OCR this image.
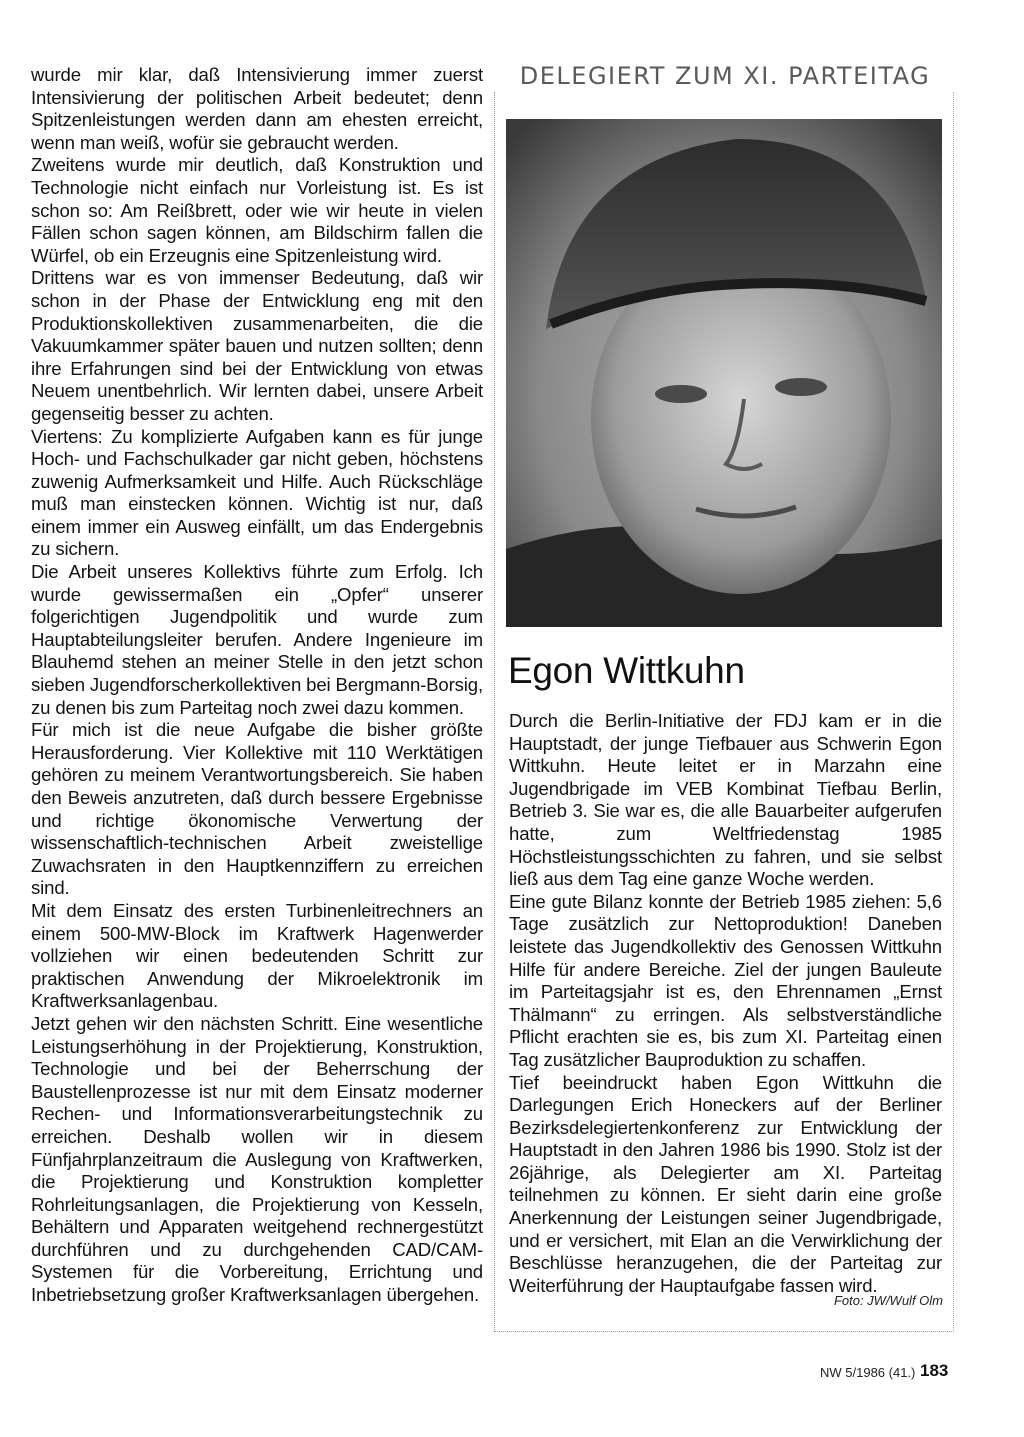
wurde mir klar, daß Intensivierung immer zuerst Intensivierung der politischen Arbeit bedeutet; denn Spitzenleistungen werden dann am ehesten erreicht, wenn man weiß, wofür sie gebraucht werden.

Zweitens wurde mir deutlich, daß Konstruktion und Technologie nicht einfach nur Vorleistung ist. Es ist schon so: Am Reißbrett, oder wie wir heute in vielen Fällen schon sagen können, am Bildschirm fallen die Würfel, ob ein Erzeugnis eine Spitzenleistung wird.

Drittens war es von immenser Bedeutung, daß wir schon in der Phase der Entwicklung eng mit den Produktionskollektiven zusammenarbeiten, die die Vakuumkammer später bauen und nutzen sollten; denn ihre Erfahrungen sind bei der Entwicklung von etwas Neuem unentbehrlich. Wir lernten dabei, unsere Arbeit gegenseitig besser zu achten.

Viertens: Zu komplizierte Aufgaben kann es für junge Hoch- und Fachschulkader gar nicht geben, höchstens zuwenig Aufmerksamkeit und Hilfe. Auch Rückschläge muß man einstecken können. Wichtig ist nur, daß einem immer ein Ausweg einfällt, um das Endergebnis zu sichern.

Die Arbeit unseres Kollektivs führte zum Erfolg. Ich wurde gewissermaßen ein „Opfer“ unserer folgerichtigen Jugendpolitik und wurde zum Hauptabteilungsleiter berufen. Andere Ingenieure im Blauhemd stehen an meiner Stelle in den jetzt schon sieben Jugendforscherkollektiven bei Bergmann-Borsig, zu denen bis zum Parteitag noch zwei dazu kommen.

Für mich ist die neue Aufgabe die bisher größte Herausforderung. Vier Kollektive mit 110 Werktätigen gehören zu meinem Verantwortungsbereich. Sie haben den Beweis anzutreten, daß durch bessere Ergebnisse und richtige ökonomische Verwertung der wissenschaftlich-technischen Arbeit zweistellige Zuwachsraten in den Hauptkennziffern zu erreichen sind.

Mit dem Einsatz des ersten Turbinenleitrechners an einem 500-MW-Block im Kraftwerk Hagenwerder vollziehen wir einen bedeutenden Schritt zur praktischen Anwendung der Mikroelektronik im Kraftwerksanlagenbau.

Jetzt gehen wir den nächsten Schritt. Eine wesentliche Leistungserhöhung in der Projektierung, Konstruktion, Technologie und bei der Beherrschung der Baustellenprozesse ist nur mit dem Einsatz moderner Rechen- und Informationsverarbeitungstechnik zu erreichen. Deshalb wollen wir in diesem Fünfjahrplanzeitraum die Auslegung von Kraftwerken, die Projektierung und Konstruktion kompletter Rohrleitungsanlagen, die Projektierung von Kesseln, Behältern und Apparaten weitgehend rechnergestützt durchführen und zu durchgehenden CAD/CAM-Systemen für die Vorbereitung, Errichtung und Inbetriebsetzung großer Kraftwerksanlagen übergehen.

DELEGIERT ZUM XI. PARTEITAG
Egon Wittkuhn

Durch die Berlin-Initiative der FDJ kam er in die Hauptstadt, der junge Tiefbauer aus Schwerin Egon Wittkuhn. Heute leitet er in Marzahn eine Jugendbrigade im VEB Kombinat Tiefbau Berlin, Betrieb 3. Sie war es, die alle Bauarbeiter aufgerufen hatte, zum Weltfriedenstag 1985 Höchstleistungsschichten zu fahren, und sie selbst ließ aus dem Tag eine ganze Woche werden.

Eine gute Bilanz konnte der Betrieb 1985 ziehen: 5,6 Tage zusätzlich zur Nettoproduktion! Daneben leistete das Jugendkollektiv des Genossen Wittkuhn Hilfe für andere Bereiche. Ziel der jungen Bauleute im Parteitagsjahr ist es, den Ehrennamen „Ernst Thälmann“ zu erringen. Als selbstverständliche Pflicht erachten sie es, bis zum XI. Parteitag einen Tag zusätzlicher Bauproduktion zu schaffen.

Tief beeindruckt haben Egon Wittkuhn die Darlegungen Erich Honeckers auf der Berliner Bezirksdelegiertenkonferenz zur Entwicklung der Hauptstadt in den Jahren 1986 bis 1990. Stolz ist der 26jährige, als Delegierter am XI. Parteitag teilnehmen zu können. Er sieht darin eine große Anerkennung der Leistungen seiner Jugendbrigade, und er versichert, mit Elan an die Verwirklichung der Beschlüsse heranzugehen, die der Parteitag zur Weiterführung der Hauptaufgabe fassen wird.

Foto: JW/Wulf Olm
NW 5/1986 (41.) 183
